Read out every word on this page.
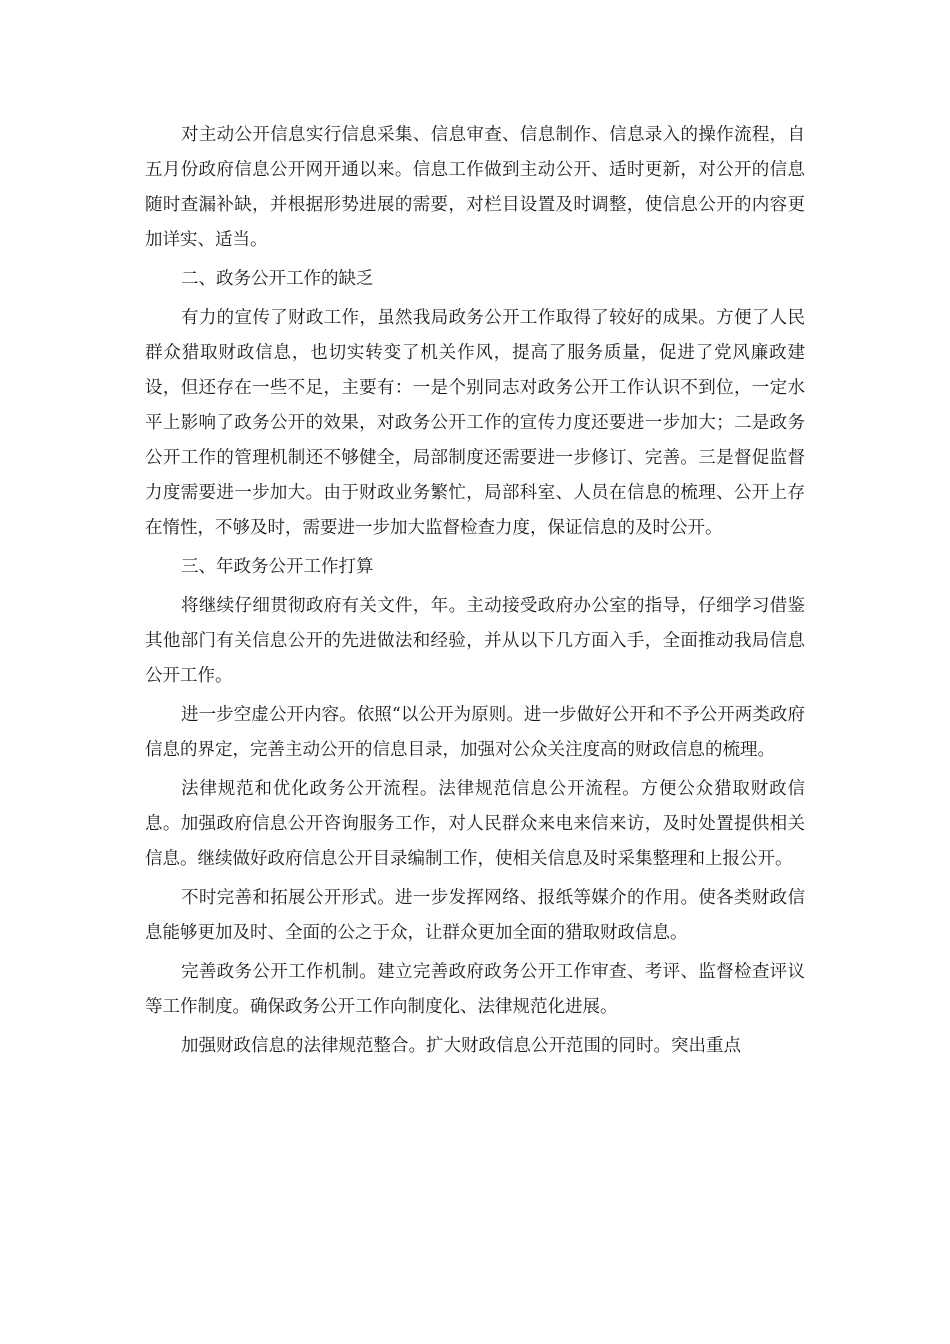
对主动公开信息实行信息采集、信息审查、信息制作、信息录入的操作流程，自五月份政府信息公开网开通以来。信息工作做到主动公开、适时更新，对公开的信息随时查漏补缺，并根据形势进展的需要，对栏目设置及时调整，使信息公开的内容更加详实、适当。

二、政务公开工作的缺乏

有力的宣传了财政工作，虽然我局政务公开工作取得了较好的成果。方便了人民群众猎取财政信息，也切实转变了机关作风，提高了服务质量，促进了党风廉政建设，但还存在一些不足，主要有：一是个别同志对政务公开工作认识不到位，一定水平上影响了政务公开的效果，对政务公开工作的宣传力度还要进一步加大；二是政务公开工作的管理机制还不够健全，局部制度还需要进一步修订、完善。三是督促监督力度需要进一步加大。由于财政业务繁忙，局部科室、人员在信息的梳理、公开上存在惰性，不够及时，需要进一步加大监督检查力度，保证信息的及时公开。

三、年政务公开工作打算

将继续仔细贯彻政府有关文件，年。主动接受政府办公室的指导，仔细学习借鉴其他部门有关信息公开的先进做法和经验，并从以下几方面入手，全面推动我局信息公开工作。

进一步空虚公开内容。依照“以公开为原则。进一步做好公开和不予公开两类政府信息的界定，完善主动公开的信息目录，加强对公众关注度高的财政信息的梳理。

法律规范和优化政务公开流程。法律规范信息公开流程。方便公众猎取财政信息。加强政府信息公开咨询服务工作，对人民群众来电来信来访，及时处置提供相关信息。继续做好政府信息公开目录编制工作，使相关信息及时采集整理和上报公开。

不时完善和拓展公开形式。进一步发挥网络、报纸等媒介的作用。使各类财政信息能够更加及时、全面的公之于众，让群众更加全面的猎取财政信息。

完善政务公开工作机制。建立完善政府政务公开工作审查、考评、监督检查评议等工作制度。确保政务公开工作向制度化、法律规范化进展。

加强财政信息的法律规范整合。扩大财政信息公开范围的同时。突出重点
